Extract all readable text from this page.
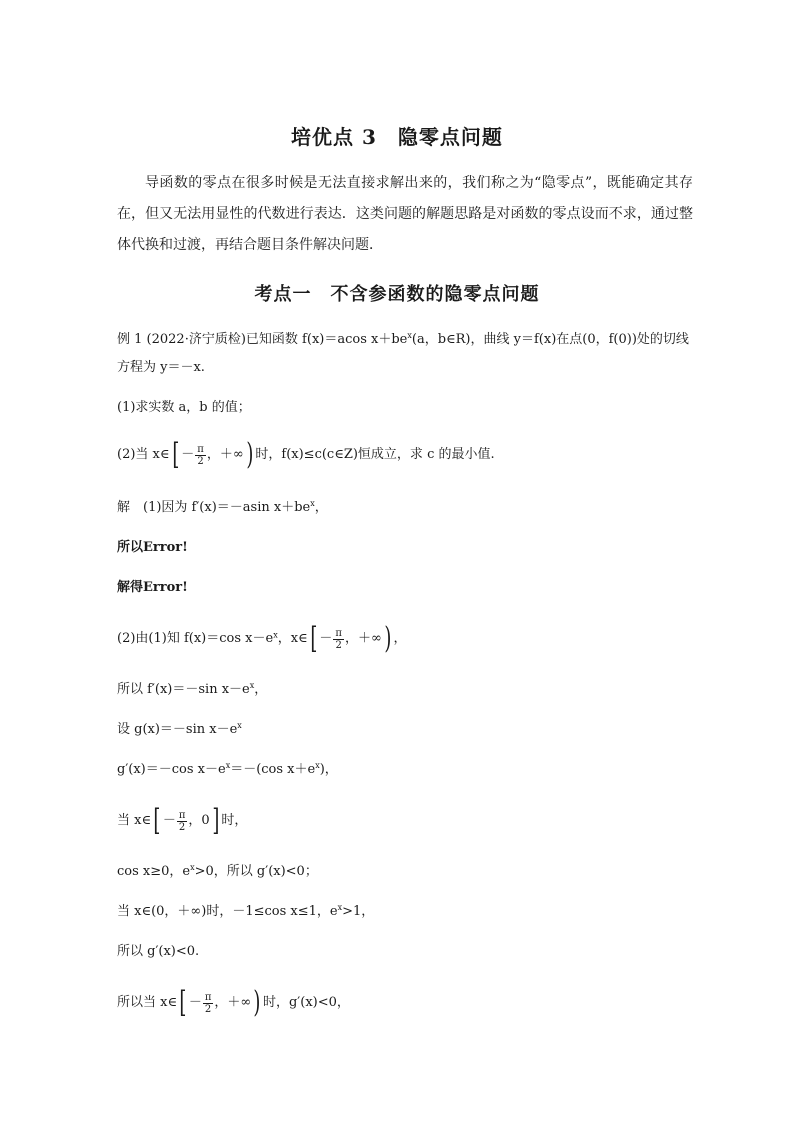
培优点 3　隐零点问题
导函数的零点在很多时候是无法直接求解出来的，我们称之为“隐零点”，既能确定其存在，但又无法用显性的代数进行表达．这类问题的解题思路是对函数的零点设而不求，通过整体代换和过渡，再结合题目条件解决问题．
考点一　不含参函数的隐零点问题
例 1 (2022·济宁质检)已知函数 f(x)＝acos $x+be^x(a$，b∈R)，曲线 y＝f(x)在点(0，f(0))处的切线方程为 y＝－x.
(1)求实数 a，b 的值；
(2)当 x∈[ － $\frac{\pi}{2}$ ，＋∞) 时，f(x)≤c(c∈Z)恒成立，求 c 的最小值.
解　(1)因为 f′(x)＝－asin $x+be^x$，
所以Error!
解得Error!
(2)由(1)知 f(x)＝cos $x-e^x$，x∈[ － $\frac{\pi}{2}$ ，＋∞) ，
所以 f′(x)＝－sin $x-e^x$，
设 g(x)＝－sin $x-e^x$
g′(x)＝－cos $x-e^x=-(\cos$ $x+e^x$)，
当 x∈[ － $\frac{\pi}{2}$ ，0] 时，
cos x≥0，$e^x>0$，所以 g′(x)<0；
当 x∈(0，＋∞)时，－1≤cos x≤1，$e^x>1$，
所以 g′(x)<0.
所以当 x∈[ － $\frac{\pi}{2}$ ，＋∞) 时，g′(x)<0，
